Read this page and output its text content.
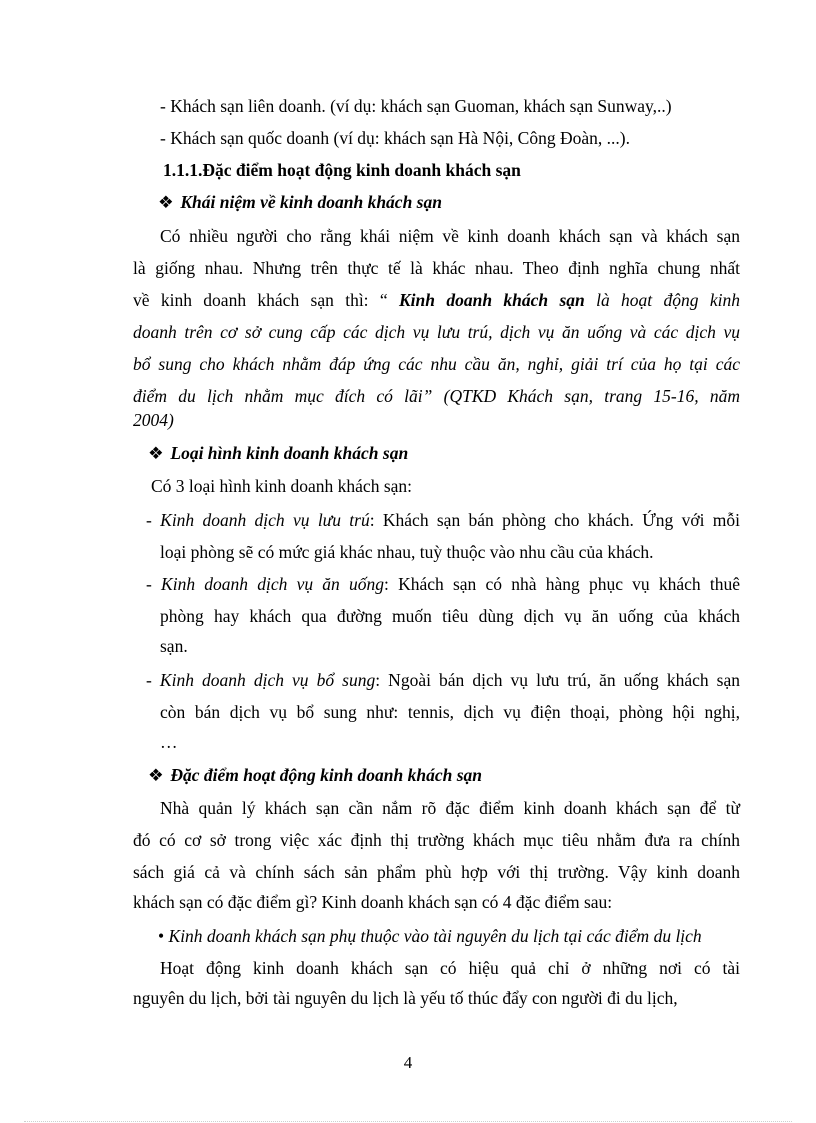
- Khách sạn liên doanh. (ví dụ: khách sạn Guoman, khách sạn Sunway,..)
- Khách sạn quốc doanh (ví dụ: khách sạn Hà Nội, Công Đoàn, ...).
1.1.1.Đặc điểm hoạt động kinh doanh khách sạn
❖ Khái niệm về kinh doanh khách sạn
Có nhiều người cho rằng khái niệm về kinh doanh khách sạn và khách sạn
là giống nhau. Nhưng trên thực tế là khác nhau. Theo định nghĩa chung nhất
về kinh doanh khách sạn thì: “ Kinh doanh khách sạn là hoạt động kinh
doanh trên cơ sở cung cấp các dịch vụ lưu trú, dịch vụ ăn uống và các dịch vụ
bổ sung cho khách nhằm đáp ứng các nhu cầu ăn, nghỉ, giải trí của họ tại các
điểm du lịch nhằm mục đích có lãi” (QTKD Khách sạn, trang 15-16, năm
2004)
❖ Loại hình kinh doanh khách sạn
Có 3 loại hình kinh doanh khách sạn:
- Kinh doanh dịch vụ lưu trú: Khách sạn bán phòng cho khách. Ứng với mỗi
loại phòng sẽ có mức giá khác nhau, tuỳ thuộc vào nhu cầu của khách.
- Kinh doanh dịch vụ ăn uống: Khách sạn có nhà hàng phục vụ khách thuê
phòng hay khách qua đường muốn tiêu dùng dịch vụ ăn uống của khách
sạn.
- Kinh doanh dịch vụ bổ sung: Ngoài bán dịch vụ lưu trú, ăn uống khách sạn
còn bán dịch vụ bổ sung như: tennis, dịch vụ điện thoại, phòng hội nghị,
…
❖ Đặc điểm hoạt động kinh doanh khách sạn
Nhà quản lý khách sạn cần nắm rõ đặc điểm kinh doanh khách sạn để từ
đó có cơ sở trong việc xác định thị trường khách mục tiêu nhằm đưa ra chính
sách giá cả và chính sách sản phẩm phù hợp với thị trường. Vậy kinh doanh
khách sạn có đặc điểm gì? Kinh doanh khách sạn có 4 đặc điểm sau:
• Kinh doanh khách sạn phụ thuộc vào tài nguyên du lịch tại các điểm du lịch
Hoạt động kinh doanh khách sạn có hiệu quả chỉ ở những nơi có tài
nguyên du lịch, bởi tài nguyên du lịch là yếu tố thúc đẩy con người đi du lịch,
4
